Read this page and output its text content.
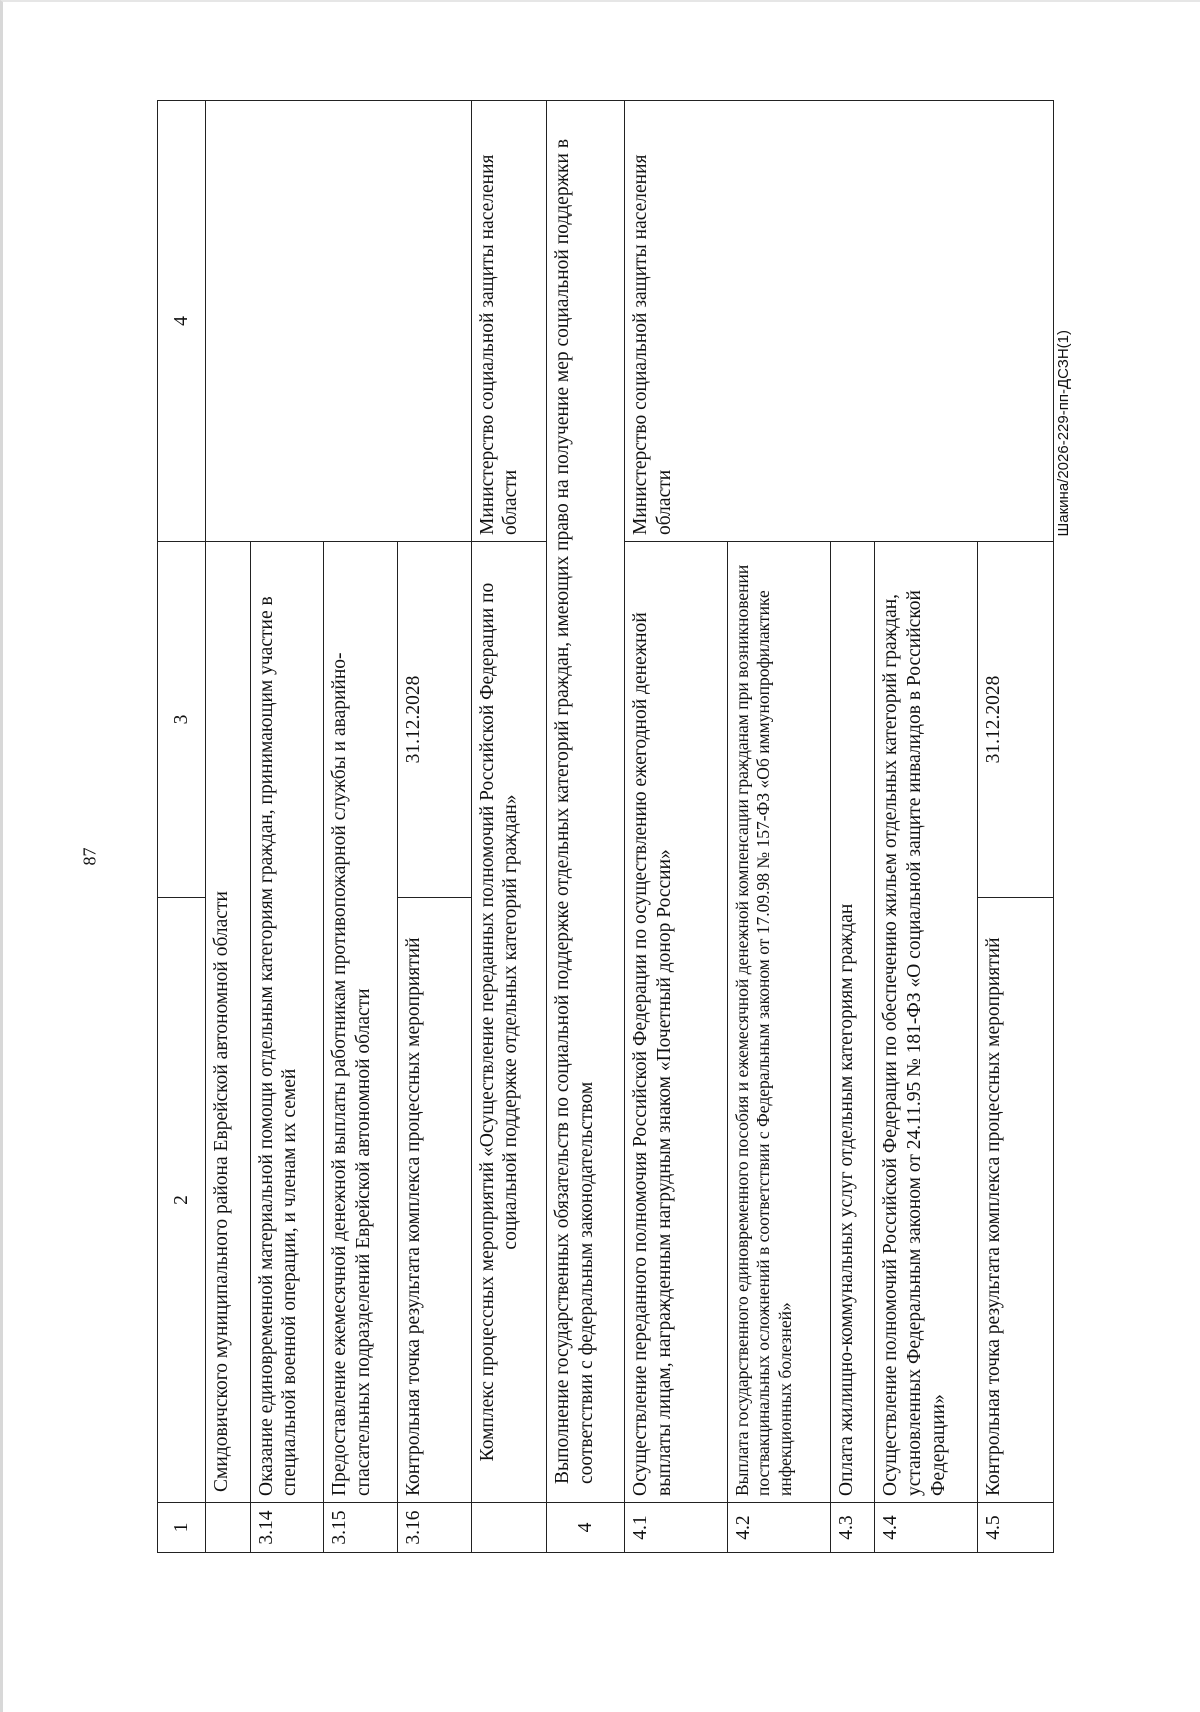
87
Шакина/2026-229-пп-ДСЗН(1)
1	2	3	4
	Смидовичского муниципального района Еврейской автономной области		
3.14	Оказание единовременной материальной помощи отдельным категориям граждан, принимающим участие в специальной военной операции, и членам их семей		
3.15	Предоставление ежемесячной денежной выплаты работникам противопожарной службы и аварийно-спасательных подразделений Еврейской автономной области		
3.16	Контрольная точка результата комплекса процессных мероприятий	31.12.2028	
	Комплекс процессных мероприятий «Осуществление переданных полномочий Российской Федерации по социальной поддержке отдельных категорий граждан»		Министерство социальной защиты населения области
4	Выполнение государственных обязательств по социальной поддержке отдельных категорий граждан, имеющих право на получение мер социальной поддержки в соответствии с федеральным законодательством		
4.1	Осуществление переданного полномочия Российской Федерации по осуществлению ежегодной денежной выплаты лицам, награжденным нагрудным знаком «Почетный донор России»		Министерство социальной защиты населения области
4.2	Выплата государственного единовременного пособия и ежемесячной денежной компенсации гражданам при возникновении поствакцинальных осложнений в соответствии с Федеральным законом от 17.09.98 № 157-ФЗ «Об иммунопрофилактике инфекционных болезней»		
4.3	Оплата жилищно-коммунальных услуг отдельным категориям граждан		
4.4	Осуществление полномочий Российской Федерации по обеспечению жильем отдельных категорий граждан, установленных Федеральным законом от 24.11.95 № 181-ФЗ «О социальной защите инвалидов в Российской Федерации»		
4.5	Контрольная точка результата комплекса процессных мероприятий	31.12.2028	
